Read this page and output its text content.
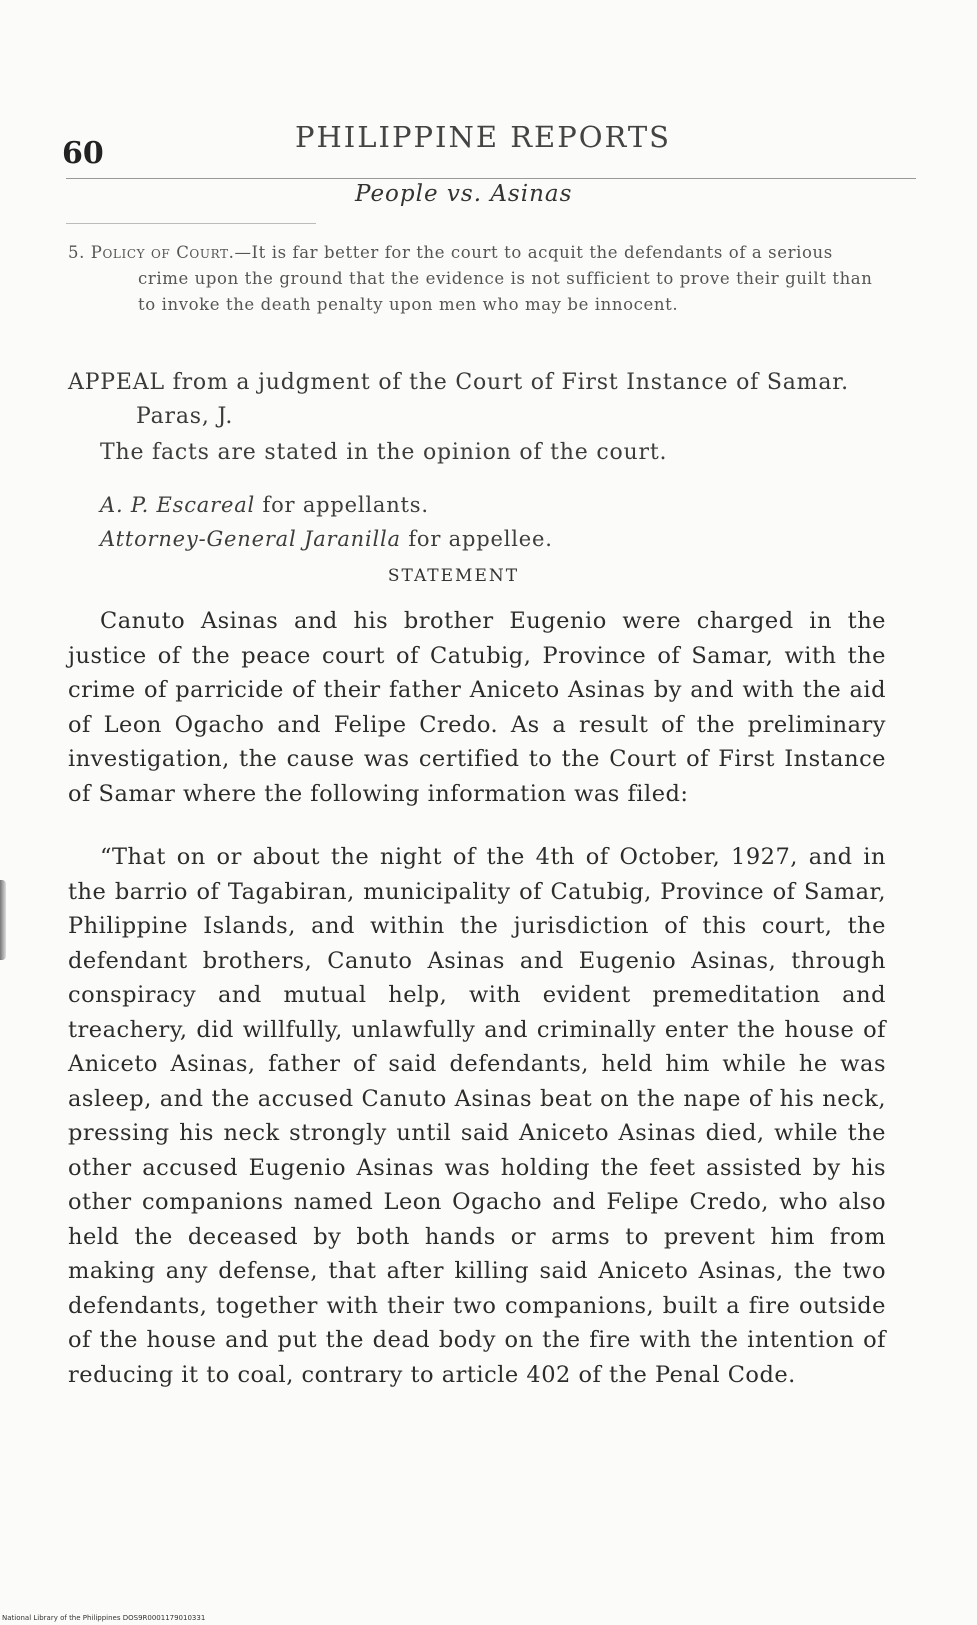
60	PHILIPPINE REPORTS
People vs. Asinas
5. Policy of Court.—It is far better for the court to acquit the defendants of a serious crime upon the ground that the evidence is not sufficient to prove their guilt than to invoke the death penalty upon men who may be innocent.
APPEAL from a judgment of the Court of First Instance of Samar. Paras, J.
The facts are stated in the opinion of the court.
A. P. Escareal for appellants.
Attorney-General Jaranilla for appellee.
STATEMENT

Canuto Asinas and his brother Eugenio were charged in the justice of the peace court of Catubig, Province of Samar, with the crime of parricide of their father Aniceto Asinas by and with the aid of Leon Ogacho and Felipe Credo. As a result of the preliminary investigation, the cause was certified to the Court of First Instance of Samar where the following information was filed:

“That on or about the night of the 4th of October, 1927, and in the barrio of Tagabiran, municipality of Catubig, Province of Samar, Philippine Islands, and within the jurisdiction of this court, the defendant brothers, Canuto Asinas and Eugenio Asinas, through conspiracy and mutual help, with evident premeditation and treachery, did willfully, unlawfully and criminally enter the house of Aniceto Asinas, father of said defendants, held him while he was asleep, and the accused Canuto Asinas beat on the nape of his neck, pressing his neck strongly until said Aniceto Asinas died, while the other accused Eugenio Asinas was holding the feet assisted by his other companions named Leon Ogacho and Felipe Credo, who also held the deceased by both hands or arms to prevent him from making any defense, that after killing said Aniceto Asinas, the two defendants, together with their two companions, built a fire outside of the house and put the dead body on the fire with the intention of reducing it to coal, contrary to article 402 of the Penal Code.

National Library of the Philippines DOS9R0001179010331
